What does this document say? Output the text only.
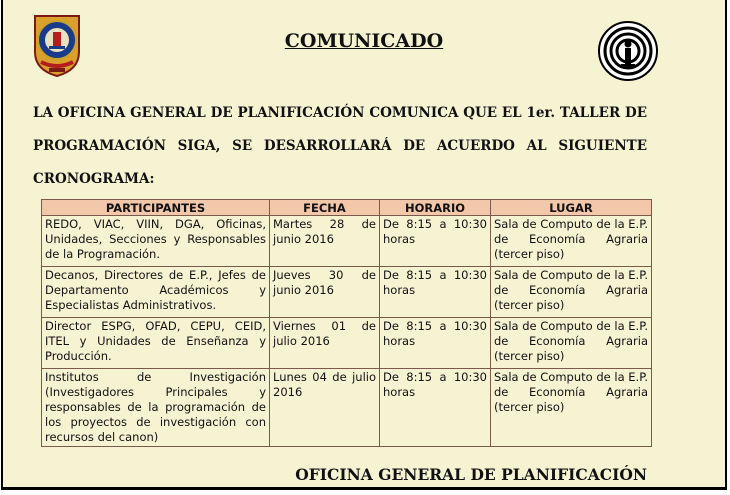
COMUNICADO
LA OFICINA GENERAL DE PLANIFICACIÓN COMUNICA QUE EL 1er. TALLER DE
PROGRAMACIÓN SIGA, SE DESARROLLARÁ DE ACUERDO AL SIGUIENTE
CRONOGRAMA:
PARTICIPANTES	FECHA	HORARIO	LUGAR
REDO, VIAC, VIIN, DGA, Oficinas, Unidades, Secciones y Responsables de la Programación.	Martes 28 de junio 2016	De 8:15 a 10:30 horas	Sala de Computo de la E.P. de Economía Agraria (tercer piso)
Decanos, Directores de E.P., Jefes de Departamento Académicos y Especialistas Administrativos.	Jueves 30 de junio 2016	De 8:15 a 10:30 horas	Sala de Computo de la E.P. de Economía Agraria (tercer piso)
Director ESPG, OFAD, CEPU, CEID, ITEL y Unidades de Enseñanza y Producción.	Viernes 01 de julio 2016	De 8:15 a 10:30 horas	Sala de Computo de la E.P. de Economía Agraria (tercer piso)
Institutos de Investigación (Investigadores Principales y responsables de la programación de los proyectos de investigación con recursos del canon)	Lunes 04 de julio 2016	De 8:15 a 10:30 horas	Sala de Computo de la E.P. de Economía Agraria (tercer piso)
OFICINA GENERAL DE PLANIFICACIÓN
